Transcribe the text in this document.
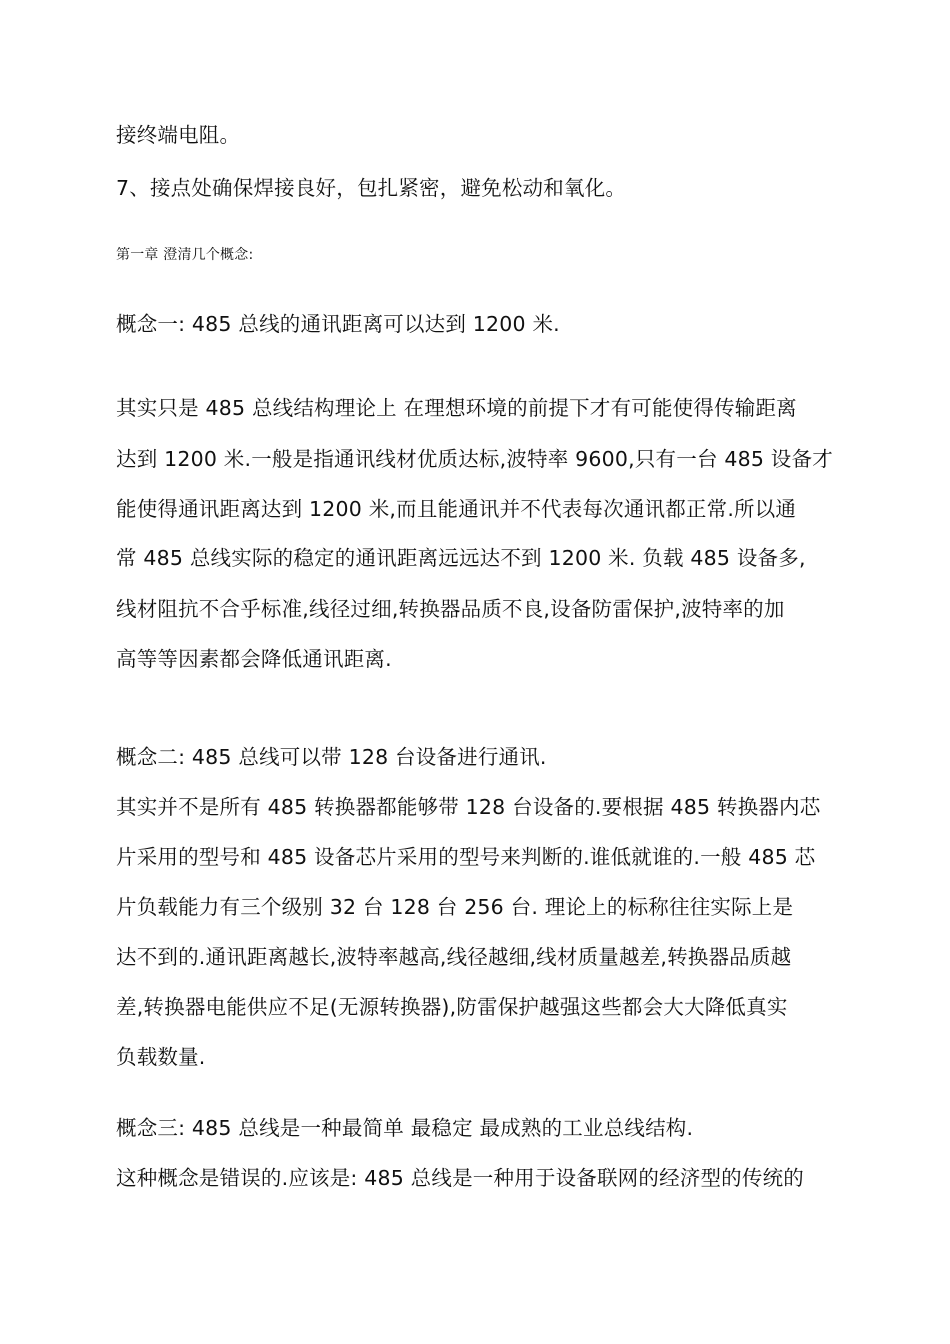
接终端电阻。
7、接点处确保焊接良好，包扎紧密，避免松动和氧化。
第一章 澄清几个概念:
概念一: 485 总线的通讯距离可以达到 1200 米.
其实只是 485 总线结构理论上 在理想环境的前提下才有可能使得传输距离
达到 1200 米.一般是指通讯线材优质达标,波特率 9600,只有一台 485 设备才
能使得通讯距离达到 1200 米,而且能通讯并不代表每次通讯都正常.所以通
常 485 总线实际的稳定的通讯距离远远达不到 1200 米. 负载 485 设备多,
线材阻抗不合乎标准,线径过细,转换器品质不良,设备防雷保护,波特率的加
高等等因素都会降低通讯距离.
概念二: 485 总线可以带 128 台设备进行通讯.
其实并不是所有 485 转换器都能够带 128 台设备的.要根据 485 转换器内芯
片采用的型号和 485 设备芯片采用的型号来判断的.谁低就谁的.一般 485 芯
片负载能力有三个级别 32 台 128 台 256 台. 理论上的标称往往实际上是
达不到的.通讯距离越长,波特率越高,线径越细,线材质量越差,转换器品质越
差,转换器电能供应不足(无源转换器),防雷保护越强这些都会大大降低真实
负载数量.
概念三: 485 总线是一种最简单 最稳定 最成熟的工业总线结构.
这种概念是错误的.应该是: 485 总线是一种用于设备联网的经济型的传统的
